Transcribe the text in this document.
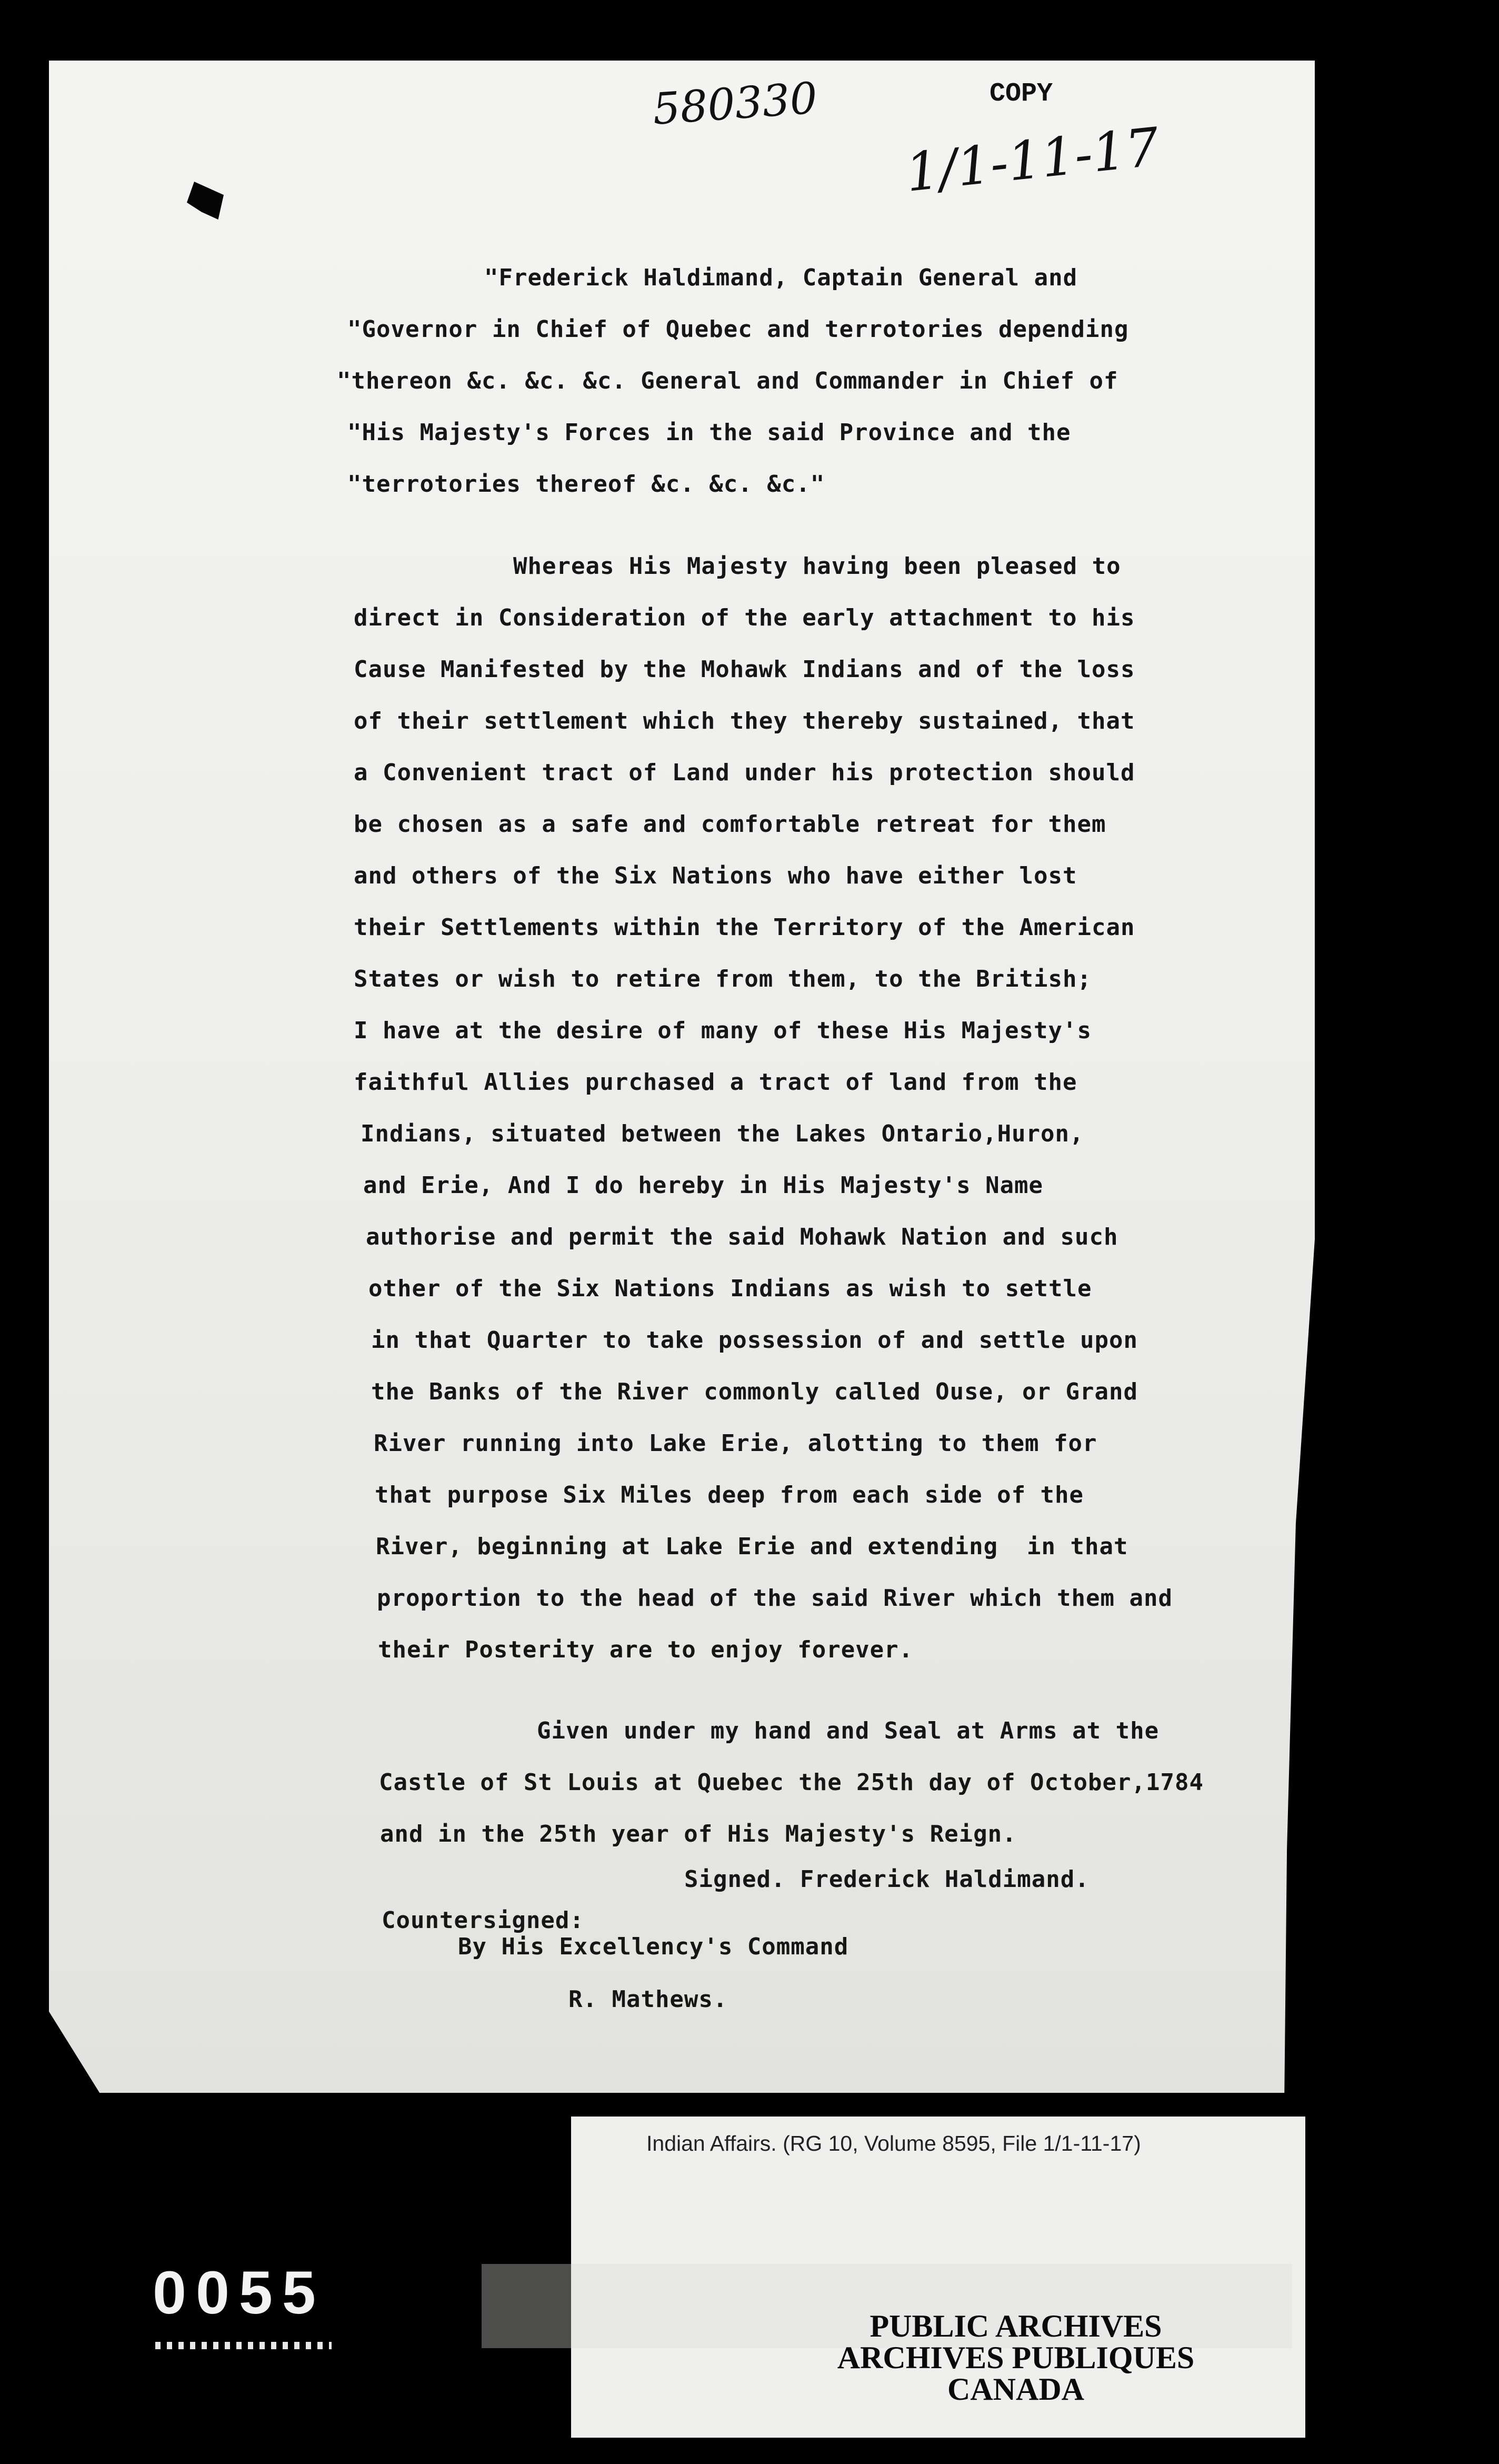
580330	COPY
1/1-11-17
"Frederick Haldimand, Captain General and
"Governor in Chief of Quebec and terrotories depending
"thereon &c. &c. &c. General and Commander in Chief of
"His Majesty's Forces in the said Province and the
"terrotories thereof &c. &c. &c."
Whereas His Majesty having been pleased to
direct in Consideration of the early attachment to his
Cause Manifested by the Mohawk Indians and of the loss
of their settlement which they thereby sustained, that
a Convenient tract of Land under his protection should
be chosen as a safe and comfortable retreat for them
and others of the Six Nations who have either lost
their Settlements within the Territory of the American
States or wish to retire from them, to the British;
I have at the desire of many of these His Majesty's
faithful Allies purchased a tract of land from the
Indians, situated between the Lakes Ontario,Huron,
and Erie, And I do hereby in His Majesty's Name
authorise and permit the said Mohawk Nation and such
other of the Six Nations Indians as wish to settle
in that Quarter to take possession of and settle upon
the Banks of the River commonly called Ouse, or Grand
River running into Lake Erie, alotting to them for
that purpose Six Miles deep from each side of the
River, beginning at Lake Erie and extending  in that
proportion to the head of the said River which them and
their Posterity are to enjoy forever.
Given under my hand and Seal at Arms at the
Castle of St Louis at Quebec the 25th day of October,1784
and in the 25th year of His Majesty's Reign.
Signed. Frederick Haldimand.
Countersigned:
By His Excellency's Command
R. Mathews.
Indian Affairs. (RG 10, Volume 8595, File 1/1-11-17)
PUBLIC ARCHIVES
ARCHIVES PUBLIQUES
CANADA
0055
